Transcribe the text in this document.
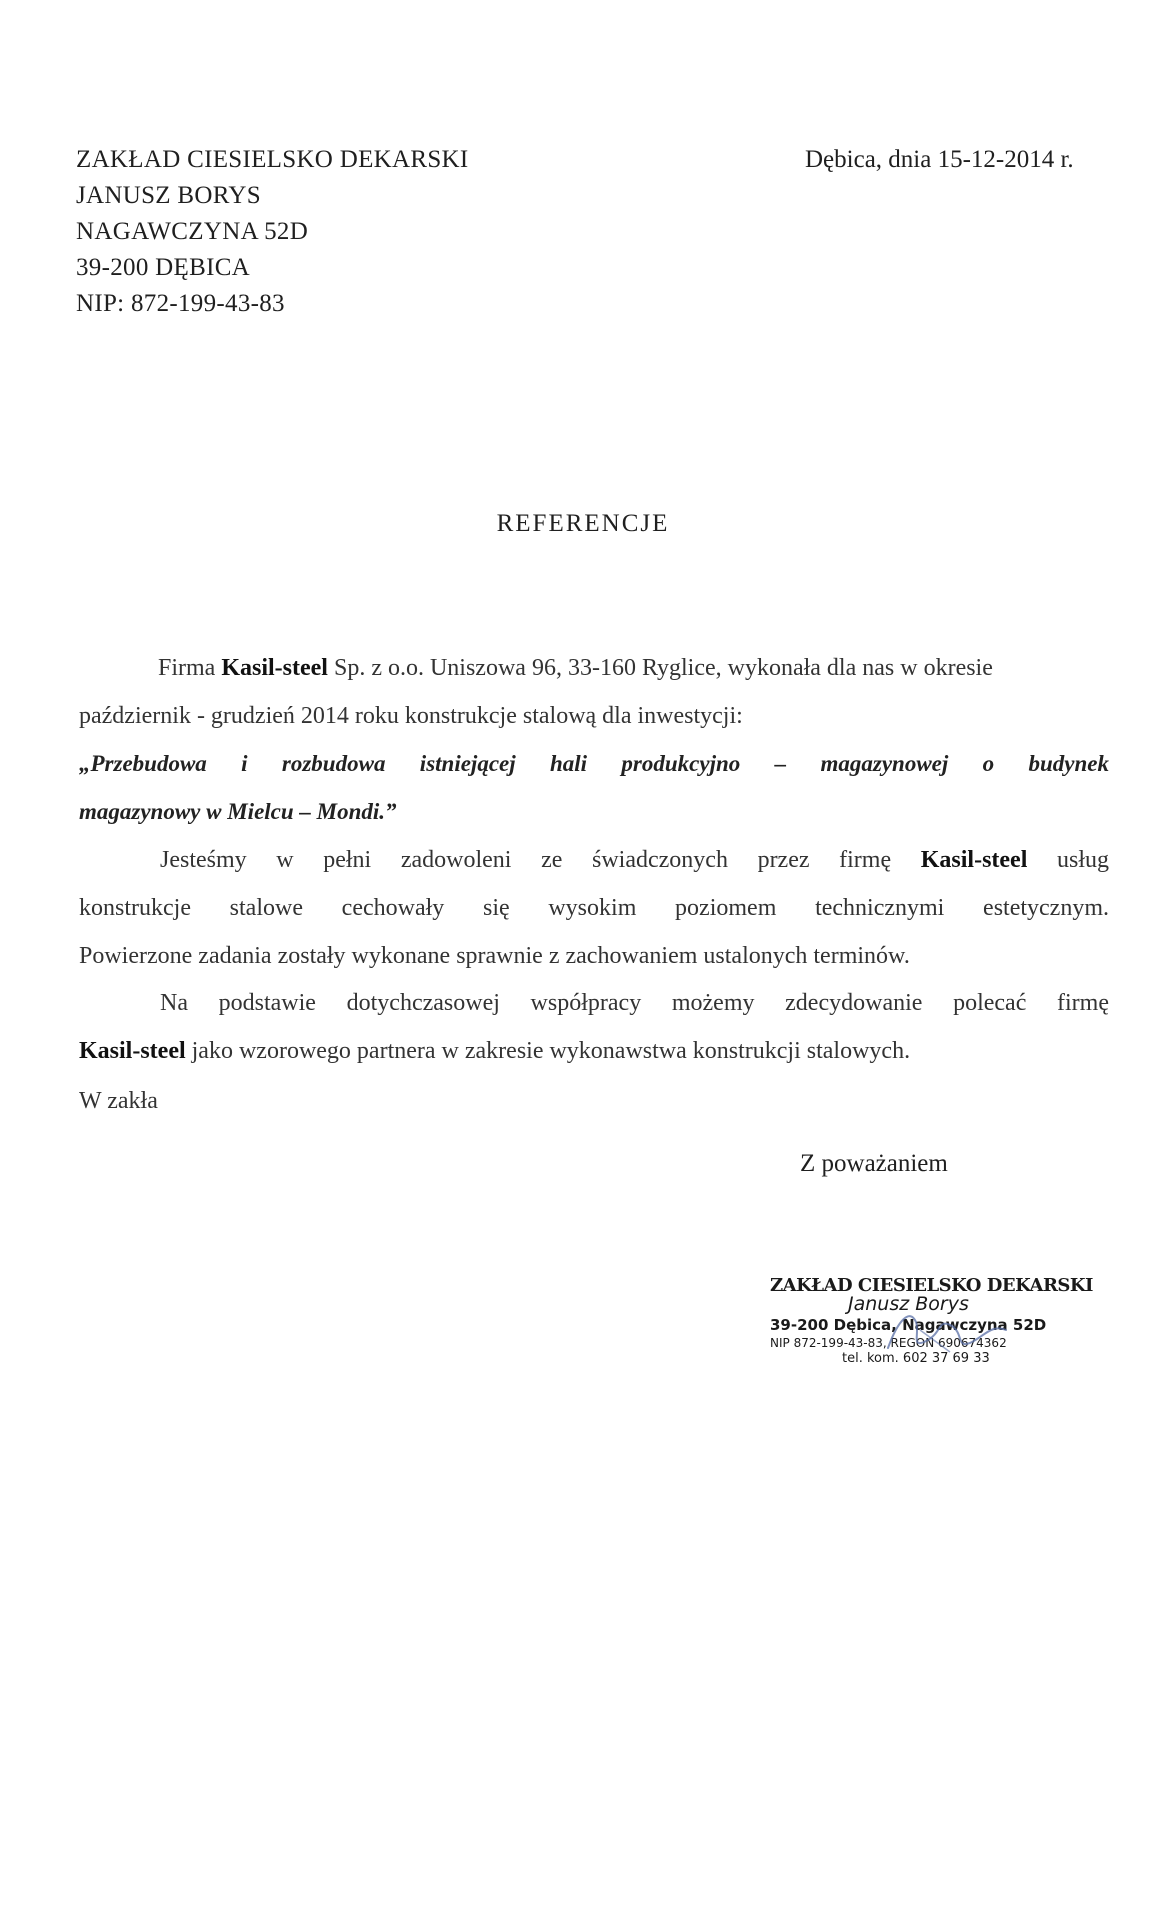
ZAKŁAD CIESIELSKO DEKARSKI
JANUSZ BORYS
NAGAWCZYNA 52D
39-200 DĘBICA
NIP: 872-199-43-83
Dębica, dnia 15-12-2014 r.
REFERENCJE
Firma Kasil-steel Sp. z o.o. Uniszowa 96, 33-160 Ryglice, wykonała dla nas w okresie
październik - grudzień 2014 roku konstrukcje stalową dla inwestycji:
„Przebudowa i rozbudowa istniejącej hali produkcyjno – magazynowej o budynek
magazynowy w Mielcu – Mondi.”
Jesteśmy w pełni zadowoleni ze świadczonych przez firmę Kasil-steel usług
konstrukcje stalowe cechowały się wysokim poziomem technicznymi estetycznym.
Powierzone zadania zostały wykonane sprawnie z zachowaniem ustalonych terminów.
Na podstawie dotychczasowej współpracy możemy zdecydowanie polecać firmę
Kasil-steel jako wzorowego partnera w zakresie wykonawstwa konstrukcji stalowych.
W zakła
Z poważaniem
ZAKŁAD CIESIELSKO DEKARSKI
Janusz Borys
39-200 Dębica, Nagawczyna 52D
NIP 872-199-43-83, REGON 690674362
tel. kom. 602 37 69 33
